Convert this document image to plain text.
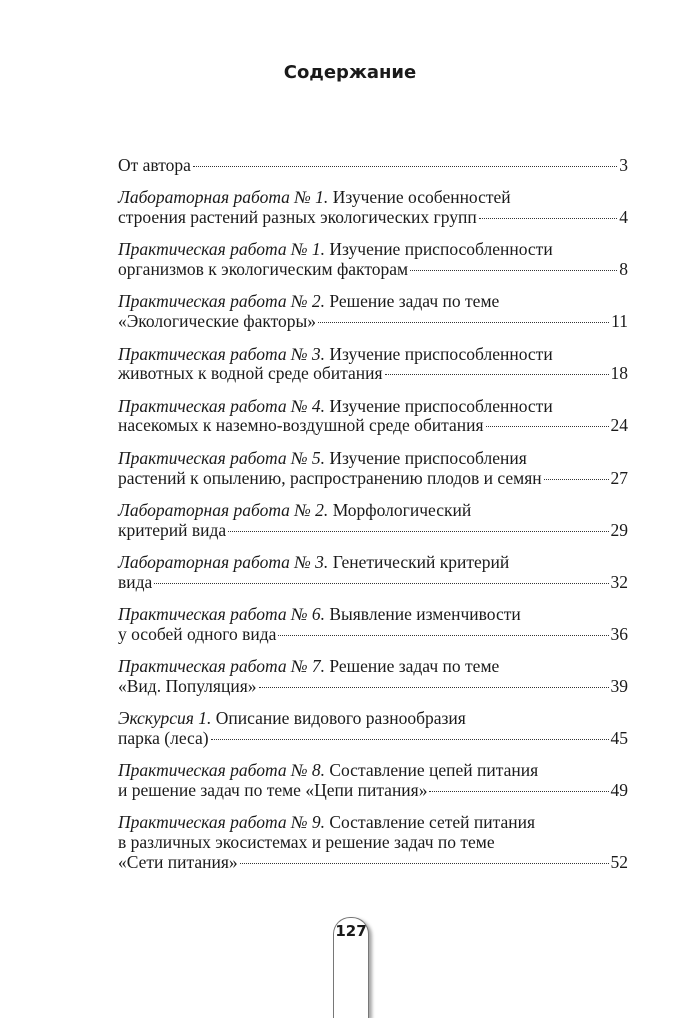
Содержание
От автора	3
Лабораторная работа № 1. Изучение особенностей
строения растений разных экологических групп	4
Практическая работа № 1. Изучение приспособленности
организмов к экологическим факторам	8
Практическая работа № 2. Решение задач по теме
«Экологические факторы»	11
Практическая работа № 3. Изучение приспособленности
животных к водной среде обитания	18
Практическая работа № 4. Изучение приспособленности
насекомых к наземно-воздушной среде обитания	24
Практическая работа № 5. Изучение приспособления
растений к опылению, распространению плодов и семян	27
Лабораторная работа № 2. Морфологический
критерий вида	29
Лабораторная работа № 3. Генетический критерий
вида	32
Практическая работа № 6. Выявление изменчивости
у особей одного вида	36
Практическая работа № 7. Решение задач по теме
«Вид. Популяция»	39
Экскурсия 1. Описание видового разнообразия
парка (леса)	45
Практическая работа № 8. Составление цепей питания
и решение задач по теме «Цепи питания»	49
Практическая работа № 9. Составление сетей питания
в различных экосистемах и решение задач по теме
«Сети питания»	52
127
